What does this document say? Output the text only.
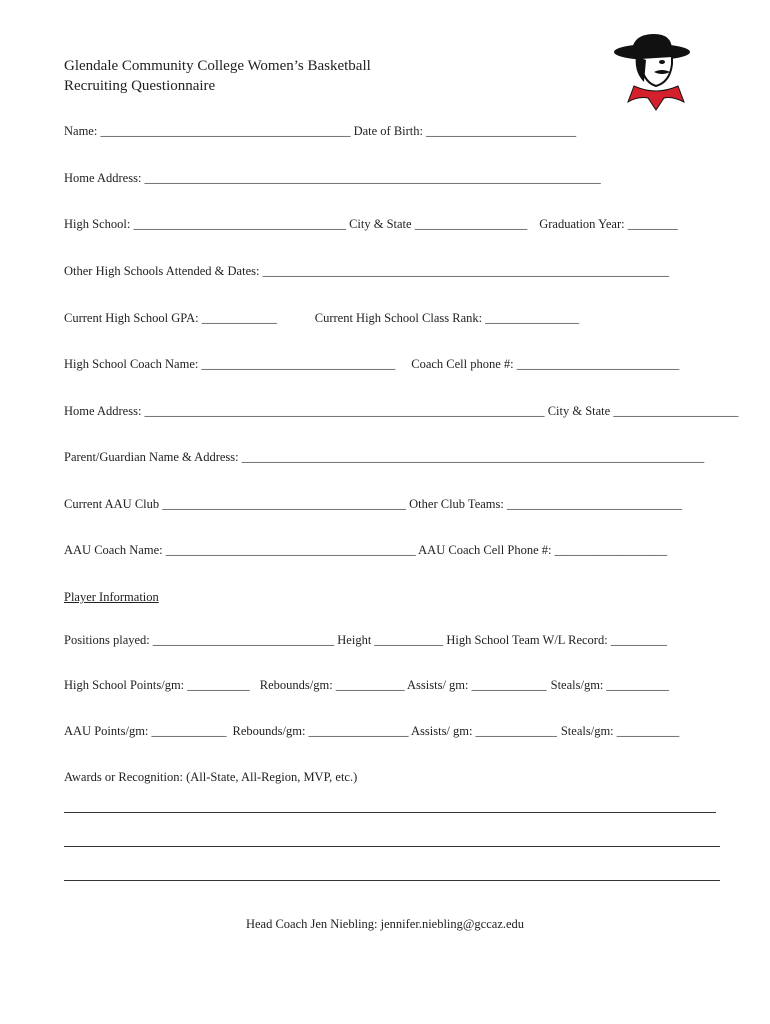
Glendale Community College Women’s Basketball
Recruiting Questionnaire
Name: ________________________________________ Date of Birth: ________________________
Home Address: _________________________________________________________________________
High School: __________________________________ City & State __________________ Graduation Year: ________
Other High Schools Attended & Dates: _________________________________________________________________
Current High School GPA: ____________	Current High School Class Rank: _______________
High School Coach Name: _______________________________ Coach Cell phone #: __________________________
Home Address: ________________________________________________________________ City & State ____________________
Parent/Guardian Name & Address: __________________________________________________________________________
Current AAU Club _______________________________________ Other Club Teams: ____________________________
AAU Coach Name: ________________________________________ AAU Coach Cell Phone #: __________________
Player Information
Positions played: _____________________________ Height ___________ High School Team W/L Record: _________
High School Points/gm: __________ Rebounds/gm: ___________ Assists/ gm: ____________ Steals/gm: __________
AAU Points/gm: ____________ Rebounds/gm: ________________ Assists/ gm: _____________ Steals/gm: __________
Awards or Recognition: (All-State, All-Region, MVP, etc.)
Head Coach Jen Niebling: jennifer.niebling@gccaz.edu
